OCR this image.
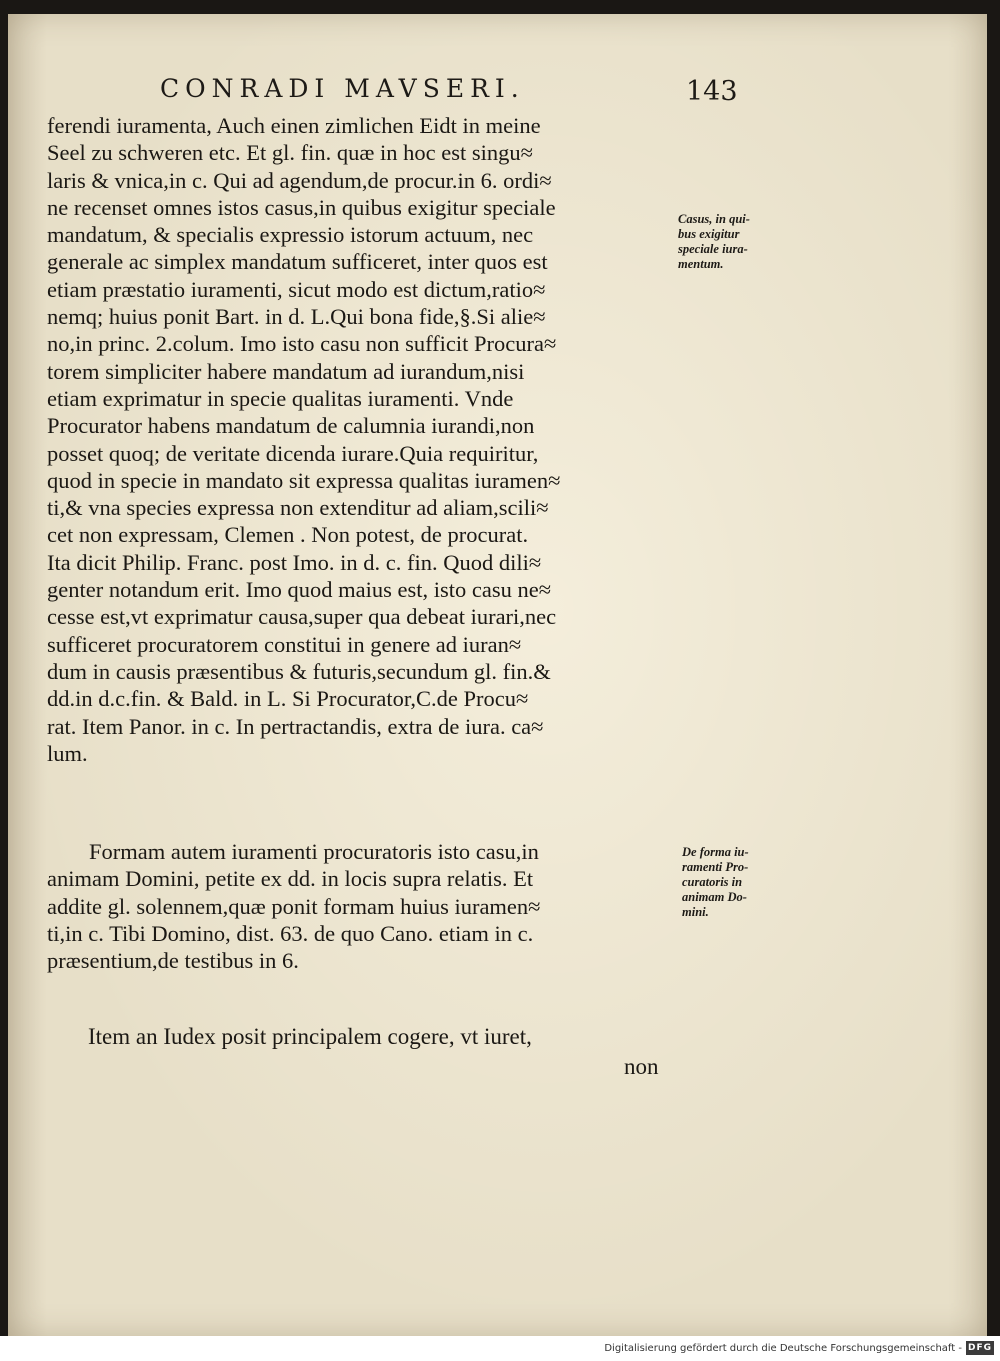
CONRADI MAVSERI.	143
ferendi iuramenta, Auch einen zimlichen Eidt in meine
Seel zu schweren etc. Et gl. fin. quæ in hoc est singu≈
laris & vnica,in c. Qui ad agendum,de procur.in 6. ordi≈
ne recenset omnes istos casus,in quibus exigitur speciale
mandatum, & specialis expressio istorum actuum, nec
generale ac simplex mandatum sufficeret, inter quos est
etiam præstatio iuramenti, sicut modo est dictum,ratio≈
nemq; huius ponit Bart. in d. L.Qui bona fide,§.Si alie≈
no,in princ. 2.colum. Imo isto casu non sufficit Procura≈
torem simpliciter habere mandatum ad iurandum,nisi
etiam exprimatur in specie qualitas iuramenti. Vnde
Procurator habens mandatum de calumnia iurandi,non
posset quoq; de veritate dicenda iurare.Quia requiritur,
quod in specie in mandato sit expressa qualitas iuramen≈
ti,& vna species expressa non extenditur ad aliam,scili≈
cet non expressam, Clemen . Non potest, de procurat.
Ita dicit Philip. Franc. post Imo. in d. c. fin. Quod dili≈
genter notandum erit. Imo quod maius est, isto casu ne≈
cesse est,vt exprimatur causa,super qua debeat iurari,nec
sufficeret procuratorem constitui in genere ad iuran≈
dum in causis præsentibus & futuris,secundum gl. fin.&
dd.in d.c.fin. & Bald. in L. Si Procurator,C.de Procu≈
rat. Item Panor. in c. In pertractandis, extra de iura. ca≈
lum.
Casus, in qui-
bus exigitur
speciale iura-
mentum.
Formam autem iuramenti procuratoris isto casu,in
animam Domini, petite ex dd. in locis supra relatis. Et
addite gl. solennem,quæ ponit formam huius iuramen≈
ti,in c. Tibi Domino, dist. 63. de quo Cano. etiam in c.
præsentium,de testibus in 6.
De forma iu-
ramenti Pro-
curatoris in
animam Do-
mini.
Item an Iudex posit principalem cogere, vt iuret,
non
Digitalisierung gefördert durch die Deutsche Forschungsgemeinschaft - DFG
